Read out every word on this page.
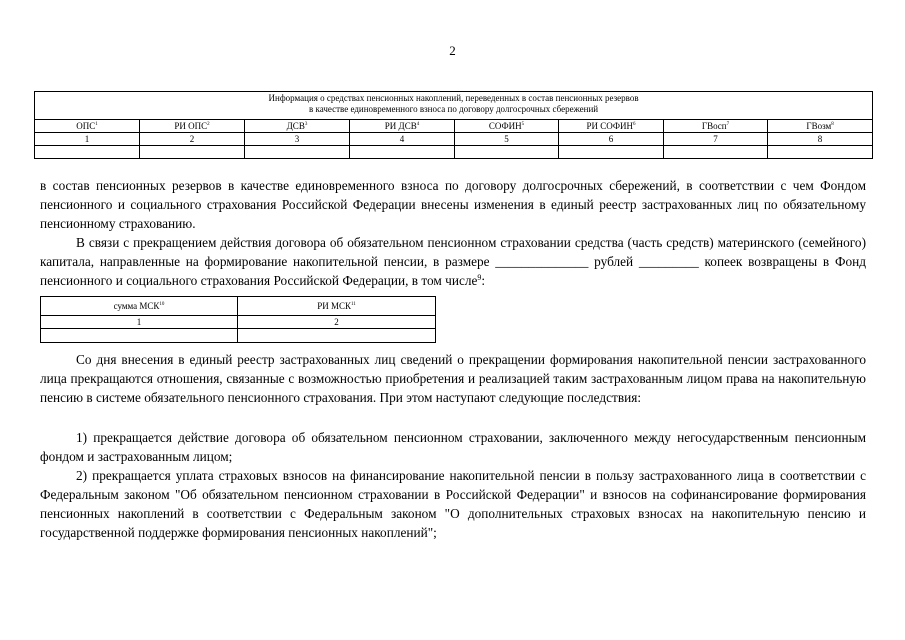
2
Информация о средствах пенсионных накоплений, переведенных в состав пенсионных резервов
в качестве единовременного взноса по договору долгосрочных сбережений							
ОПС$^1$	РИ ОПС$^2$	ДСВ$^3$	РИ ДСВ$^4$	СОФИН$^5$	РИ СОФИН$^6$	ГВосп$^7$	ГВозм$^8$
1	2	3	4	5	6	7	8

в состав пенсионных резервов в качестве единовременного взноса по договору долгосрочных сбережений, в соответствии с чем Фондом пенсионного и социального страхования Российской Федерации внесены изменения в единый реестр застрахованных лиц по обязательному пенсионному страхованию.

В связи с прекращением действия договора об обязательном пенсионном страховании средства (часть средств) материнского (семейного) капитала, направленные на формирование накопительной пенсии, в размере ______________ рублей _________ копеек возвращены в Фонд пенсионного и социального страхования Российской Федерации, в том числе$^9$:

сумма МСК$^{10}$	РИ МСК$^{11}$
1	2

Со дня внесения в единый реестр застрахованных лиц сведений о прекращении формирования накопительной пенсии застрахованного лица прекращаются отношения, связанные с возможностью приобретения и реализацией таким застрахованным лицом права на накопительную пенсию в системе обязательного пенсионного страхования. При этом наступают следующие последствия:

1) прекращается действие договора об обязательном пенсионном страховании, заключенного между негосударственным пенсионным фондом и застрахованным лицом;

2) прекращается уплата страховых взносов на финансирование накопительной пенсии в пользу застрахованного лица в соответствии с Федеральным законом "Об обязательном пенсионном страховании в Российской Федерации" и взносов на софинансирование формирования пенсионных накоплений в соответствии с Федеральным законом "О дополнительных страховых взносах на накопительную пенсию и государственной поддержке формирования пенсионных накоплений";
